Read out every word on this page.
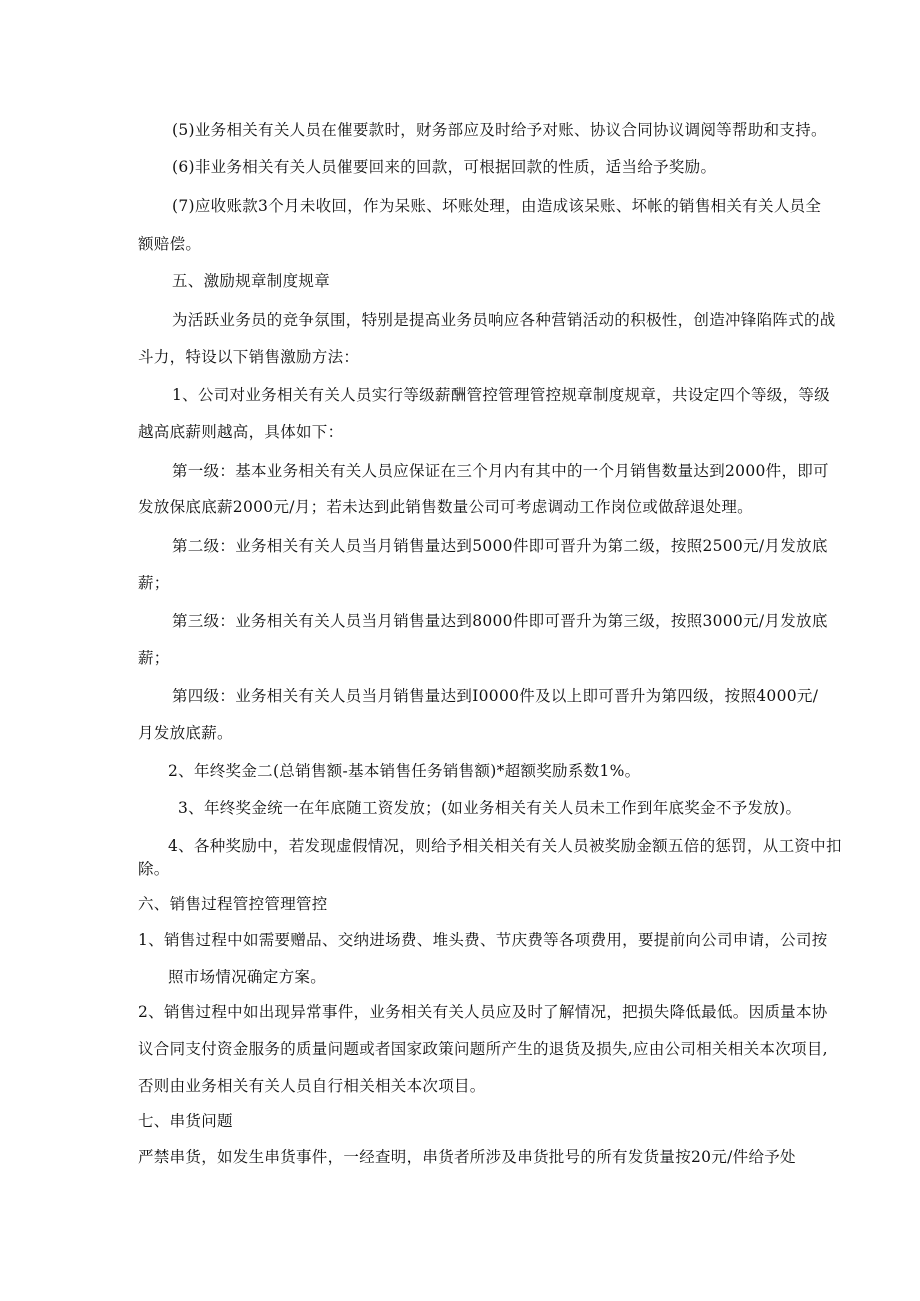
(5)业务相关有关人员在催要款时，财务部应及时给予对账、协议合同协议调阅等帮助和支持。
(6)非业务相关有关人员催要回来的回款，可根据回款的性质，适当给予奖励。
(7)应收账款3个月未收回，作为呆账、坏账处理，由造成该呆账、坏帐的销售相关有关人员全
额赔偿。
五、激励规章制度规章
为活跃业务员的竞争氛围，特别是提高业务员响应各种营销活动的积极性，创造冲锋陷阵式的战
斗力，特设以下销售激励方法：
1、公司对业务相关有关人员实行等级薪酬管控管理管控规章制度规章，共设定四个等级，等级
越高底薪则越高，具体如下：
第一级：基本业务相关有关人员应保证在三个月内有其中的一个月销售数量达到2000件，即可
发放保底底薪2000元/月；若未达到此销售数量公司可考虑调动工作岗位或做辞退处理。
第二级：业务相关有关人员当月销售量达到5000件即可晋升为第二级，按照2500元/月发放底
薪；
第三级：业务相关有关人员当月销售量达到8000件即可晋升为第三级，按照3000元/月发放底
薪；
第四级：业务相关有关人员当月销售量达到I0000件及以上即可晋升为第四级，按照4000元/
月发放底薪。
2、年终奖金二(总销售额-基本销售任务销售额)*超额奖励系数1%。
3、年终奖金统一在年底随工资发放；(如业务相关有关人员未工作到年底奖金不予发放)。
4、各种奖励中，若发现虚假情况，则给予相关相关有关人员被奖励金额五倍的惩罚，从工资中扣
除。
六、销售过程管控管理管控
1、销售过程中如需要赠品、交纳进场费、堆头费、节庆费等各项费用，要提前向公司申请，公司按
照市场情况确定方案。
2、销售过程中如出现异常事件，业务相关有关人员应及时了解情况，把损失降低最低。因质量本协
议合同支付资金服务的质量问题或者国家政策问题所产生的退货及损失,应由公司相关相关本次项目,
否则由业务相关有关人员自行相关相关本次项目。
七、串货问题
严禁串货，如发生串货事件，一经查明，串货者所涉及串货批号的所有发货量按20元/件给予处
